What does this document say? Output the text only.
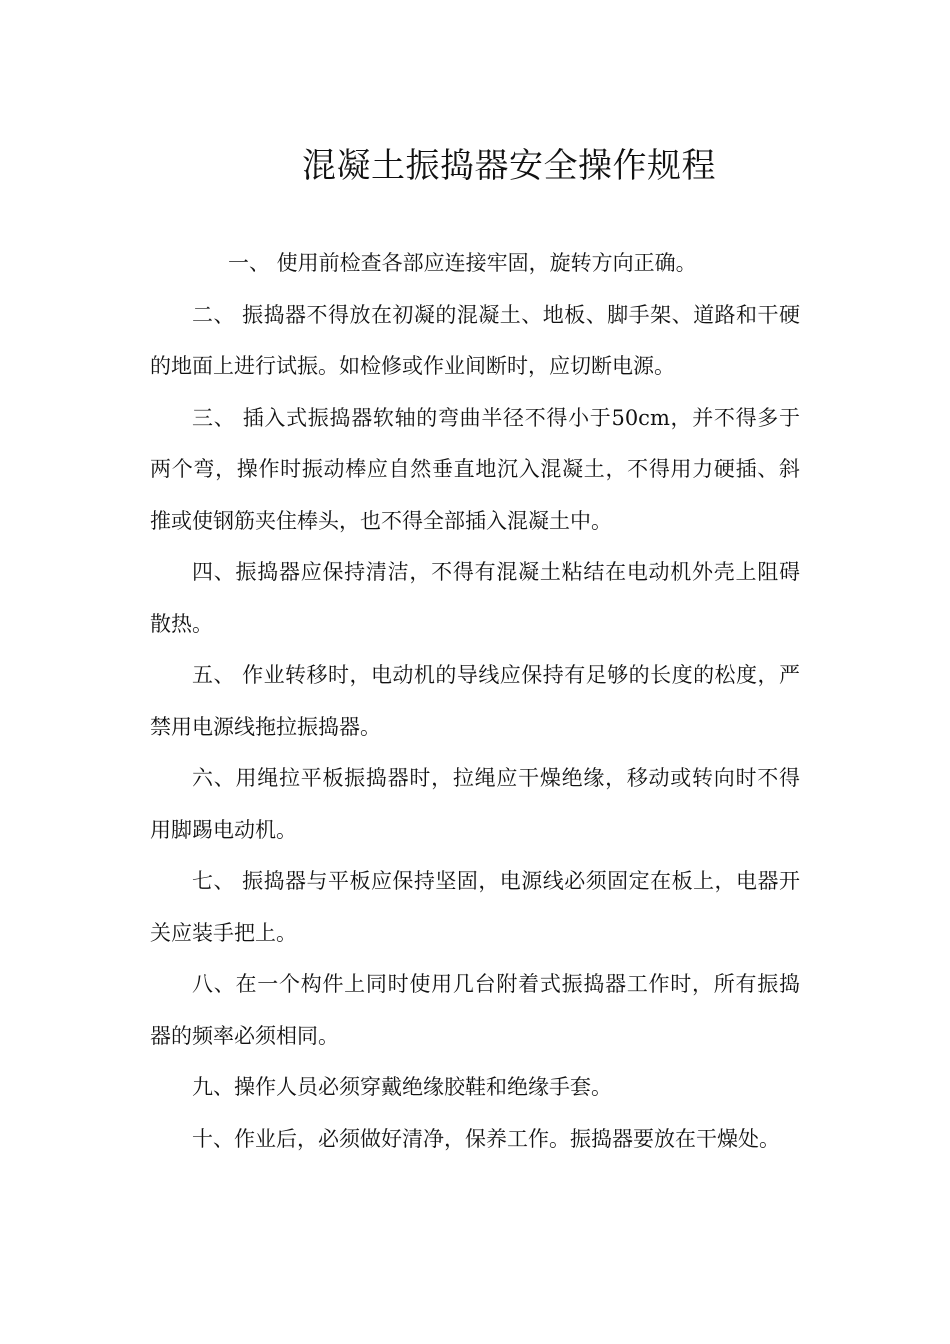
混凝土振捣器安全操作规程

一、 使用前检查各部应连接牢固，旋转方向正确。

二、 振捣器不得放在初凝的混凝土、地板、脚手架、道路和干硬的地面上进行试振。如检修或作业间断时，应切断电源。

三、 插入式振捣器软轴的弯曲半径不得小于50cm，并不得多于两个弯，操作时振动棒应自然垂直地沉入混凝土，不得用力硬插、斜推或使钢筋夹住棒头，也不得全部插入混凝土中。

四、振捣器应保持清洁，不得有混凝土粘结在电动机外壳上阻碍散热。

五、 作业转移时，电动机的导线应保持有足够的长度的松度，严禁用电源线拖拉振捣器。

六、用绳拉平板振捣器时，拉绳应干燥绝缘，移动或转向时不得用脚踢电动机。

七、 振捣器与平板应保持坚固，电源线必须固定在板上，电器开关应装手把上。

八、在一个构件上同时使用几台附着式振捣器工作时，所有振捣器的频率必须相同。

九、操作人员必须穿戴绝缘胶鞋和绝缘手套。

十、作业后，必须做好清净，保养工作。振捣器要放在干燥处。
